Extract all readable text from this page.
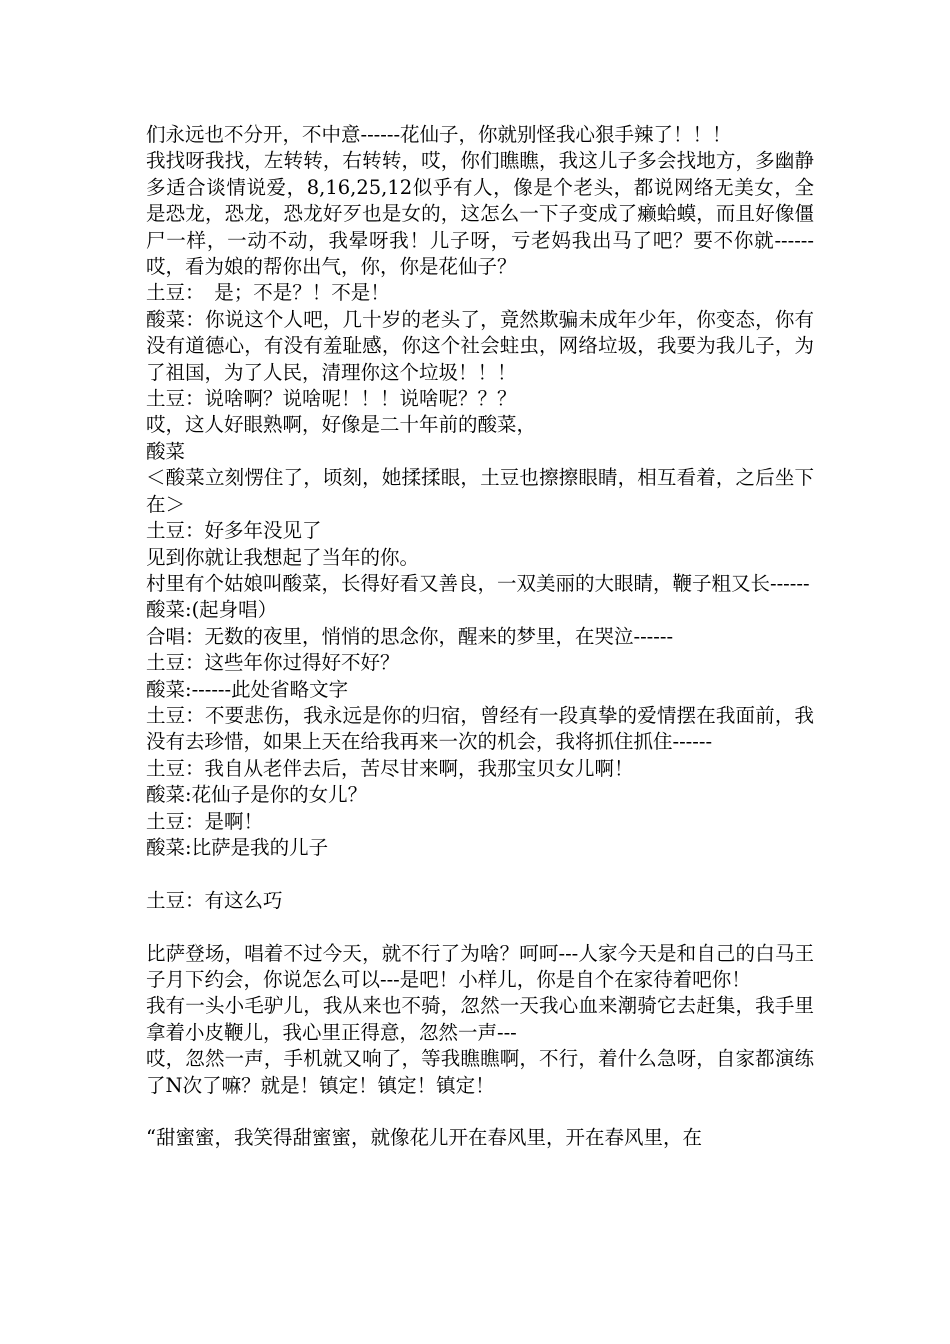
们永远也不分开，不中意------花仙子，你就别怪我心狠手辣了！！！

我找呀我找，左转转，右转转，哎，你们瞧瞧，我这儿子多会找地方，多幽静多适合谈情说爱，8,16,25,12似乎有人，像是个老头，都说网络无美女，全是恐龙，恐龙，恐龙好歹也是女的，这怎么一下子变成了癞蛤蟆，而且好像僵尸一样，一动不动，我晕呀我！儿子呀，亏老妈我出马了吧？要不你就------哎，看为娘的帮你出气，你，你是花仙子？

土豆：　是；不是？！不是！

酸菜：你说这个人吧，几十岁的老头了，竟然欺骗未成年少年，你变态，你有没有道德心，有没有羞耻感，你这个社会蛀虫，网络垃圾，我要为我儿子，为了祖国，为了人民，清理你这个垃圾！！！

土豆：说啥啊？说啥呢！！！说啥呢？？？

哎，这人好眼熟啊，好像是二十年前的酸菜，

酸菜

＜酸菜立刻愣住了，顷刻，她揉揉眼，土豆也擦擦眼睛，相互看着，之后坐下在＞

土豆：好多年没见了

见到你就让我想起了当年的你。

村里有个姑娘叫酸菜，长得好看又善良，一双美丽的大眼睛，鞭子粗又长------

酸菜:(起身唱）

合唱：无数的夜里，悄悄的思念你，醒来的梦里，在哭泣------

土豆：这些年你过得好不好？

酸菜:------此处省略文字

土豆：不要悲伤，我永远是你的归宿，曾经有一段真挚的爱情摆在我面前，我没有去珍惜，如果上天在给我再来一次的机会，我将抓住抓住------

土豆：我自从老伴去后，苦尽甘来啊，我那宝贝女儿啊！

酸菜:花仙子是你的女儿？

土豆：是啊！

酸菜:比萨是我的儿子

土豆：有这么巧

比萨登场，唱着不过今天，就不行了为啥？呵呵---人家今天是和自己的白马王子月下约会，你说怎么可以---是吧！小样儿，你是自个在家待着吧你！

我有一头小毛驴儿，我从来也不骑，忽然一天我心血来潮骑它去赶集，我手里拿着小皮鞭儿，我心里正得意，忽然一声---

哎，忽然一声，手机就又响了，等我瞧瞧啊，不行，着什么急呀，自家都演练了N次了嘛？就是！镇定！镇定！镇定！

“甜蜜蜜，我笑得甜蜜蜜，就像花儿开在春风里，开在春风里，在
